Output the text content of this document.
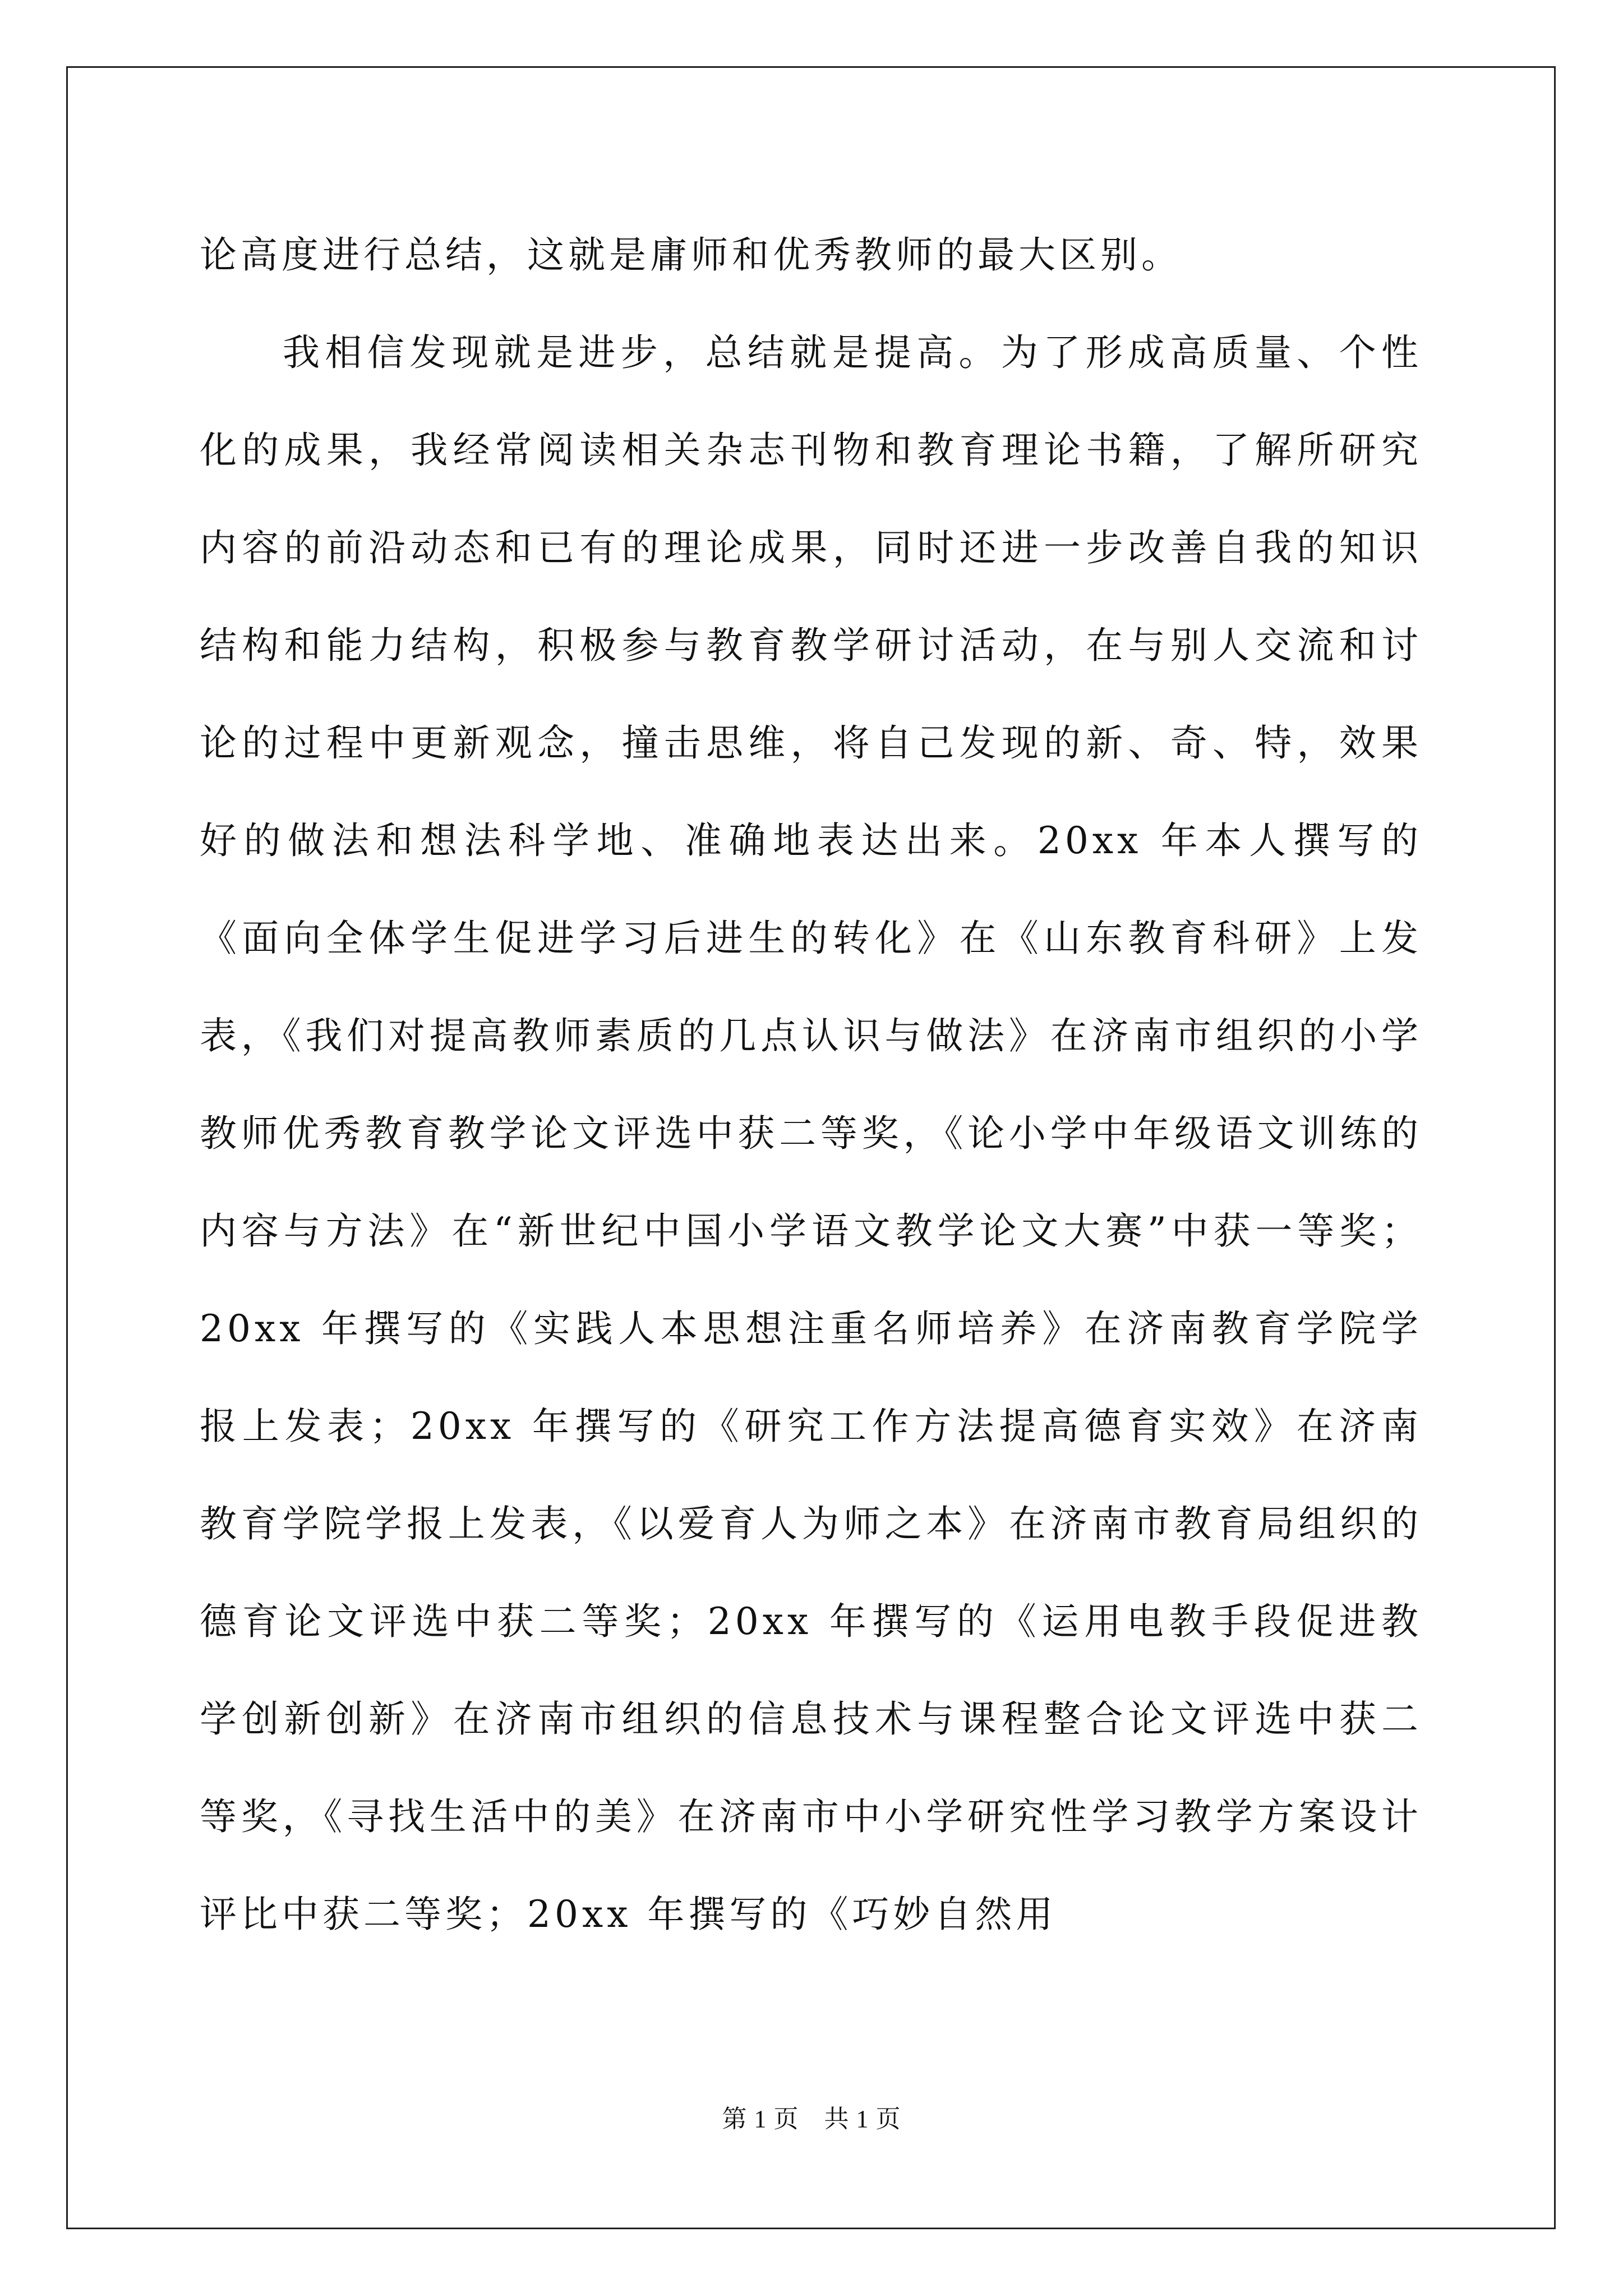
论高度进行总结，这就是庸师和优秀教师的最大区别。

我相信发现就是进步，总结就是提高。为了形成高质量、个性化的成果，我经常阅读相关杂志刊物和教育理论书籍，了解所研究内容的前沿动态和已有的理论成果，同时还进一步改善自我的知识结构和能力结构，积极参与教育教学研讨活动，在与别人交流和讨论的过程中更新观念，撞击思维，将自己发现的新、奇、特，效果好的做法和想法科学地、准确地表达出来。20xx 年本人撰写的《面向全体学生促进学习后进生的转化》在《山东教育科研》上发表，《我们对提高教师素质的几点认识与做法》在济南市组织的小学教师优秀教育教学论文评选中获二等奖，《论小学中年级语文训练的内容与方法》在“新世纪中国小学语文教学论文大赛”中获一等奖；20xx 年撰写的《实践人本思想注重名师培养》在济南教育学院学报上发表；20xx 年撰写的《研究工作方法提高德育实效》在济南教育学院学报上发表，《以爱育人为师之本》在济南市教育局组织的德育论文评选中获二等奖；20xx 年撰写的《运用电教手段促进教学创新创新》在济南市组织的信息技术与课程整合论文评选中获二等奖，《寻找生活中的美》在济南市中小学研究性学习教学方案设计评比中获二等奖；20xx 年撰写的《巧妙自然用

第 1 页　共 1 页
